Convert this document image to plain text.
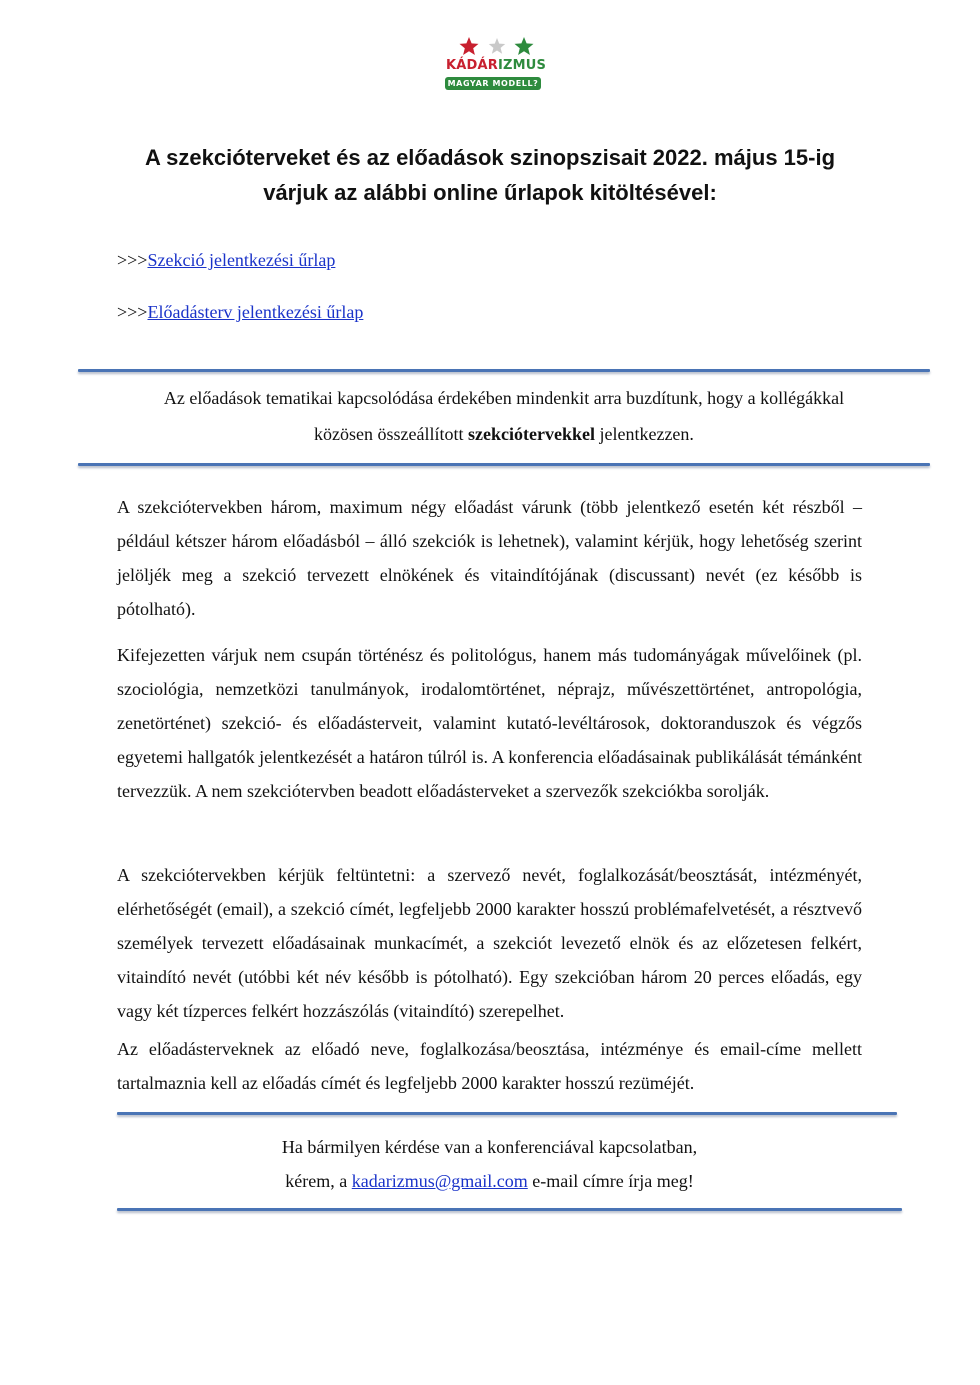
KÁDÁRIZMUS
MAGYAR MODELL?
A szekcióterveket és az előadások szinopszisait 2022. május 15-ig
várjuk az alábbi online űrlapok kitöltésével:
>>>Szekció jelentkezési űrlap
>>>Előadásterv jelentkezési űrlap
Az előadások tematikai kapcsolódása érdekében mindenkit arra buzdítunk, hogy a kollégákkal
közösen összeállított szekciótervekkel jelentkezzen.

A szekciótervekben három, maximum négy előadást várunk (több jelentkező esetén két részből – például kétszer három előadásból – álló szekciók is lehetnek), valamint kérjük, hogy lehetőség szerint jelöljék meg a szekció tervezett elnökének és vitaindítójának (discussant) nevét (ez később is pótolható).

Kifejezetten várjuk nem csupán történész és politológus, hanem más tudományágak művelőinek (pl. szociológia, nemzetközi tanulmányok, irodalomtörténet, néprajz, művészettörténet, antropológia, zenetörténet) szekció- és előadásterveit, valamint kutató-levéltárosok, doktoranduszok és végzős egyetemi hallgatók jelentkezését a határon túlról is. A konferencia előadásainak publikálását témánként tervezzük. A nem szekciótervben beadott előadásterveket a szervezők szekciókba sorolják.

A szekciótervekben kérjük feltüntetni: a szervező nevét, foglalkozását/beosztását, intézményét, elérhetőségét (email), a szekció címét, legfeljebb 2000 karakter hosszú problémafelvetését, a résztvevő személyek tervezett előadásainak munkacímét, a szekciót levezető elnök és az előzetesen felkért, vitaindító nevét (utóbbi két név később is pótolható). Egy szekcióban három 20 perces előadás, egy vagy két tízperces felkért hozzászólás (vitaindító) szerepelhet.

Az előadásterveknek az előadó neve, foglalkozása/beosztása, intézménye és email-címe mellett tartalmaznia kell az előadás címét és legfeljebb 2000 karakter hosszú rezüméjét.

Ha bármilyen kérdése van a konferenciával kapcsolatban,
kérem, a kadarizmus@gmail.com e-mail címre írja meg!
